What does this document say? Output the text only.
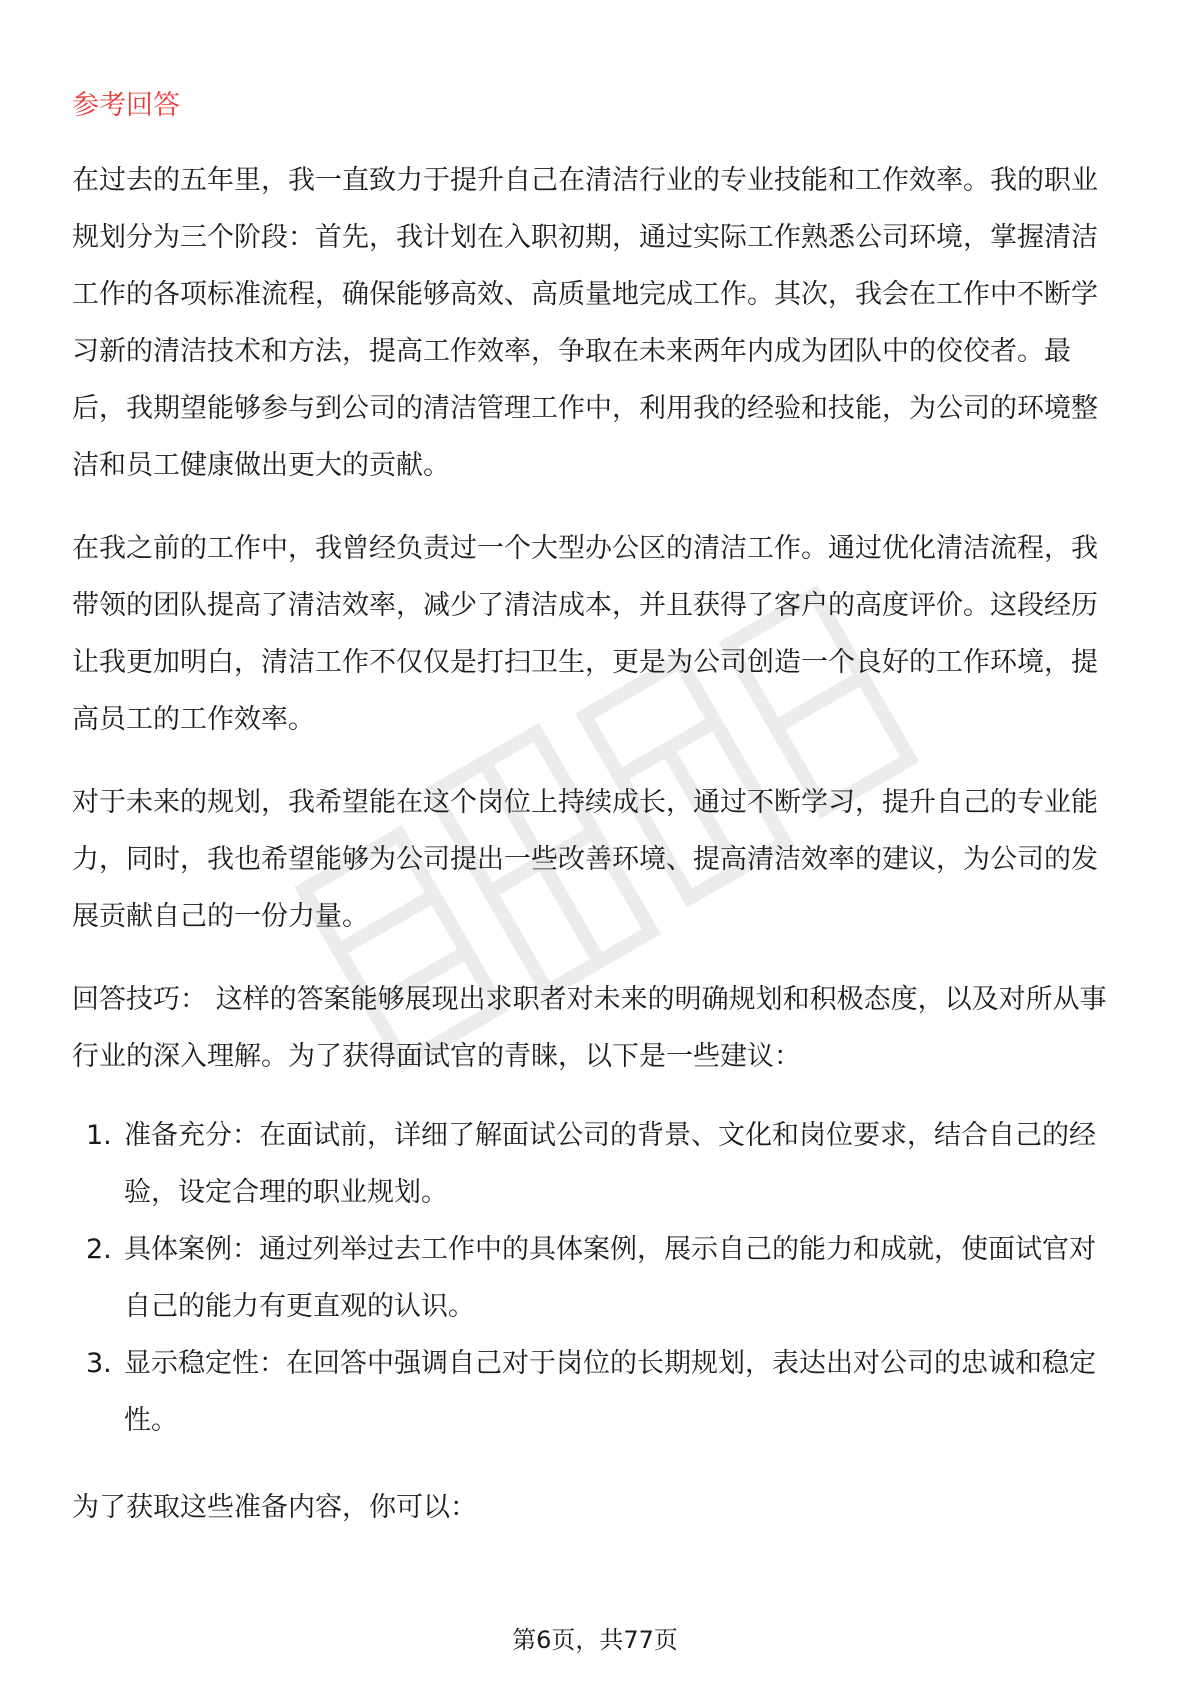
参考回答

在过去的五年里，我一直致力于提升自己在清洁行业的专业技能和工作效率。我的职业规划分为三个阶段：首先，我计划在入职初期，通过实际工作熟悉公司环境，掌握清洁工作的各项标准流程，确保能够高效、高质量地完成工作。其次，我会在工作中不断学习新的清洁技术和方法，提高工作效率，争取在未来两年内成为团队中的佼佼者。最后，我期望能够参与到公司的清洁管理工作中，利用我的经验和技能，为公司的环境整洁和员工健康做出更大的贡献。

在我之前的工作中，我曾经负责过一个大型办公区的清洁工作。通过优化清洁流程，我带领的团队提高了清洁效率，减少了清洁成本，并且获得了客户的高度评价。这段经历让我更加明白，清洁工作不仅仅是打扫卫生，更是为公司创造一个良好的工作环境，提高员工的工作效率。

对于未来的规划，我希望能在这个岗位上持续成长，通过不断学习，提升自己的专业能力，同时，我也希望能够为公司提出一些改善环境、提高清洁效率的建议，为公司的发展贡献自己的一份力量。

回答技巧： 这样的答案能够展现出求职者对未来的明确规划和积极态度，以及对所从事行业的深入理解。为了获得面试官的青睐，以下是一些建议：

1. 准备充分：在面试前，详细了解面试公司的背景、文化和岗位要求，结合自己的经验，设定合理的职业规划。
2. 具体案例：通过列举过去工作中的具体案例，展示自己的能力和成就，使面试官对自己的能力有更直观的认识。
3. 显示稳定性：在回答中强调自己对于岗位的长期规划，表达出对公司的忠诚和稳定性。

为了获取这些准备内容，你可以：

第6页，共77页
